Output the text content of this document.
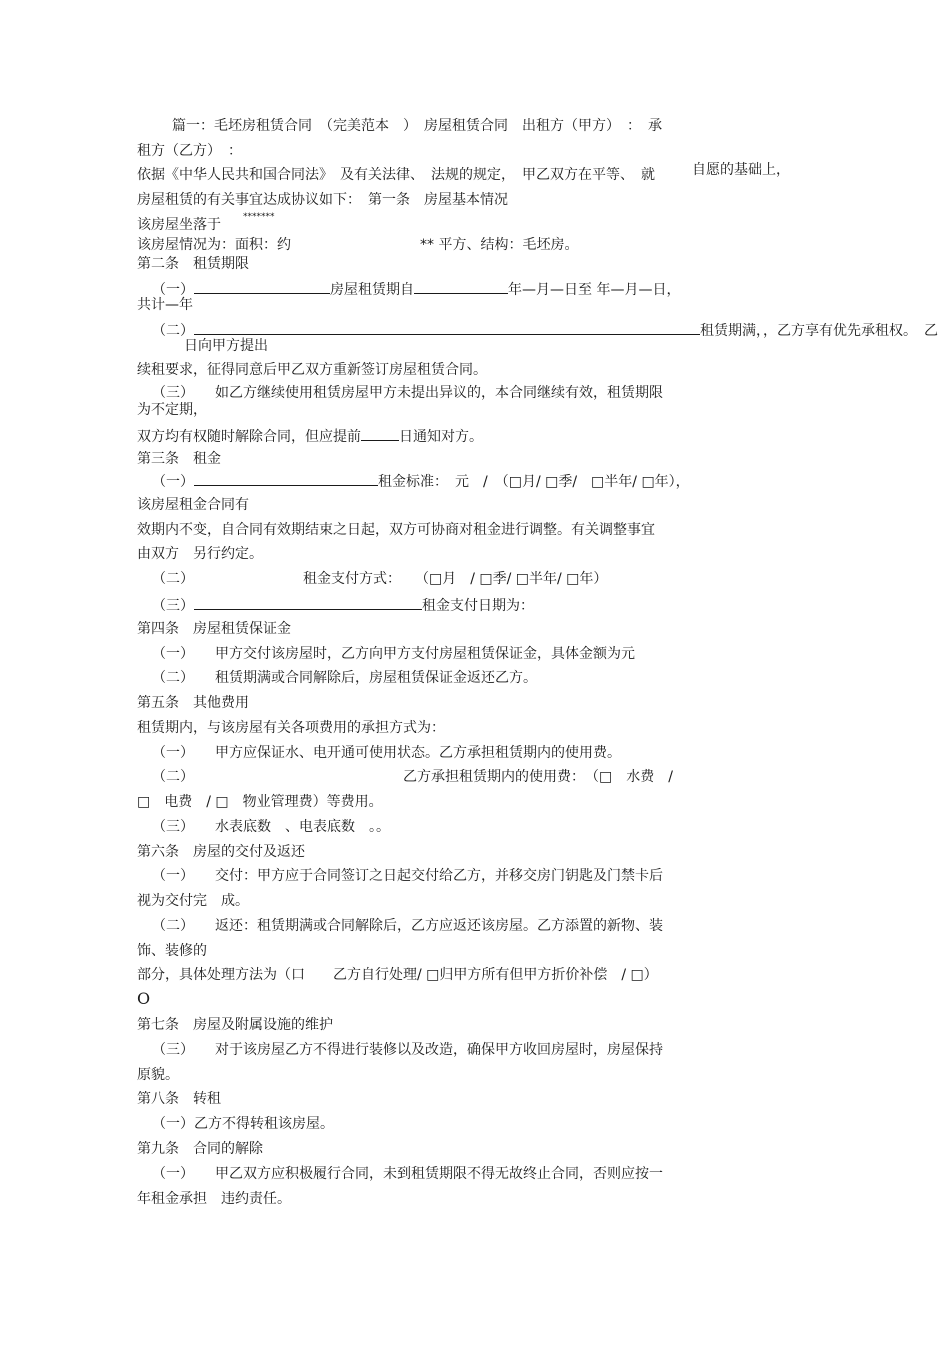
篇一：毛坯房租赁合同　（完美范本　）　房屋租赁合同　出租方（甲方）　：　承
租方（乙方）　：
依据《中华人民共和国合同法》　及有关法律、　法规的规定，　甲乙双方在平等、　就	自愿的基础上，
房屋租赁的有关事宜达成协议如下：　第一条　房屋基本情况
该房屋坐落于 *******
该房屋情况为：面积：约	** 平方、结构：毛坯房。
第二条　租赁期限
（一）	房屋租赁期自	年—月—日至 年—月—日，
共计—年
（二）	租赁期满，，乙方享有优先承租权。　乙
日向甲方提出
续租要求，征得同意后甲乙双方重新签订房屋租赁合同。
（三）　　如乙方继续使用租赁房屋甲方未提出异议的，本合同继续有效，租赁期限
为不定期，
双方均有权随时解除合同，但应提前	日通知对方。
第三条　租金
（一）	租金标准：　元　/　（□月/ □季/　□半年/ □年），
该房屋租金合同有
效期内不变，自合同有效期结束之日起，双方可协商对租金进行调整。有关调整事宜
由双方　另行约定。
（二）	租金支付方式：　　（□月　/ □季/ □半年/ □年）
（三）	租金支付日期为：
第四条　房屋租赁保证金
（一）　　甲方交付该房屋时，乙方向甲方支付房屋租赁保证金，具体金额为元
（二）　　租赁期满或合同解除后，房屋租赁保证金返还乙方。
第五条　其他费用
租赁期内，与该房屋有关各项费用的承担方式为：
（一）　　甲方应保证水、电开通可使用状态。乙方承担租赁期内的使用费。
（二）	乙方承担租赁期内的使用费：　（□　水费　/
□　电费　/ □　物业管理费）等费用。
（三）　　水表底数　、电表底数　。。
第六条　房屋的交付及返还
（一）　　交付：甲方应于合同签订之日起交付给乙方，并移交房门钥匙及门禁卡后
视为交付完　成。
（二）　　返还：租赁期满或合同解除后，乙方应返还该房屋。乙方添置的新物、装
饰、装修的
部分，具体处理方法为（口　　乙方自行处理/ □归甲方所有但甲方折价补偿　/ □）
O
第七条　房屋及附属设施的维护
（三）　　对于该房屋乙方不得进行装修以及改造，确保甲方收回房屋时，房屋保持
原貌。
第八条　转租
（一）乙方不得转租该房屋。
第九条　合同的解除
（一）　　甲乙双方应积极履行合同，未到租赁期限不得无故终止合同，否则应按一
年租金承担　违约责任。
